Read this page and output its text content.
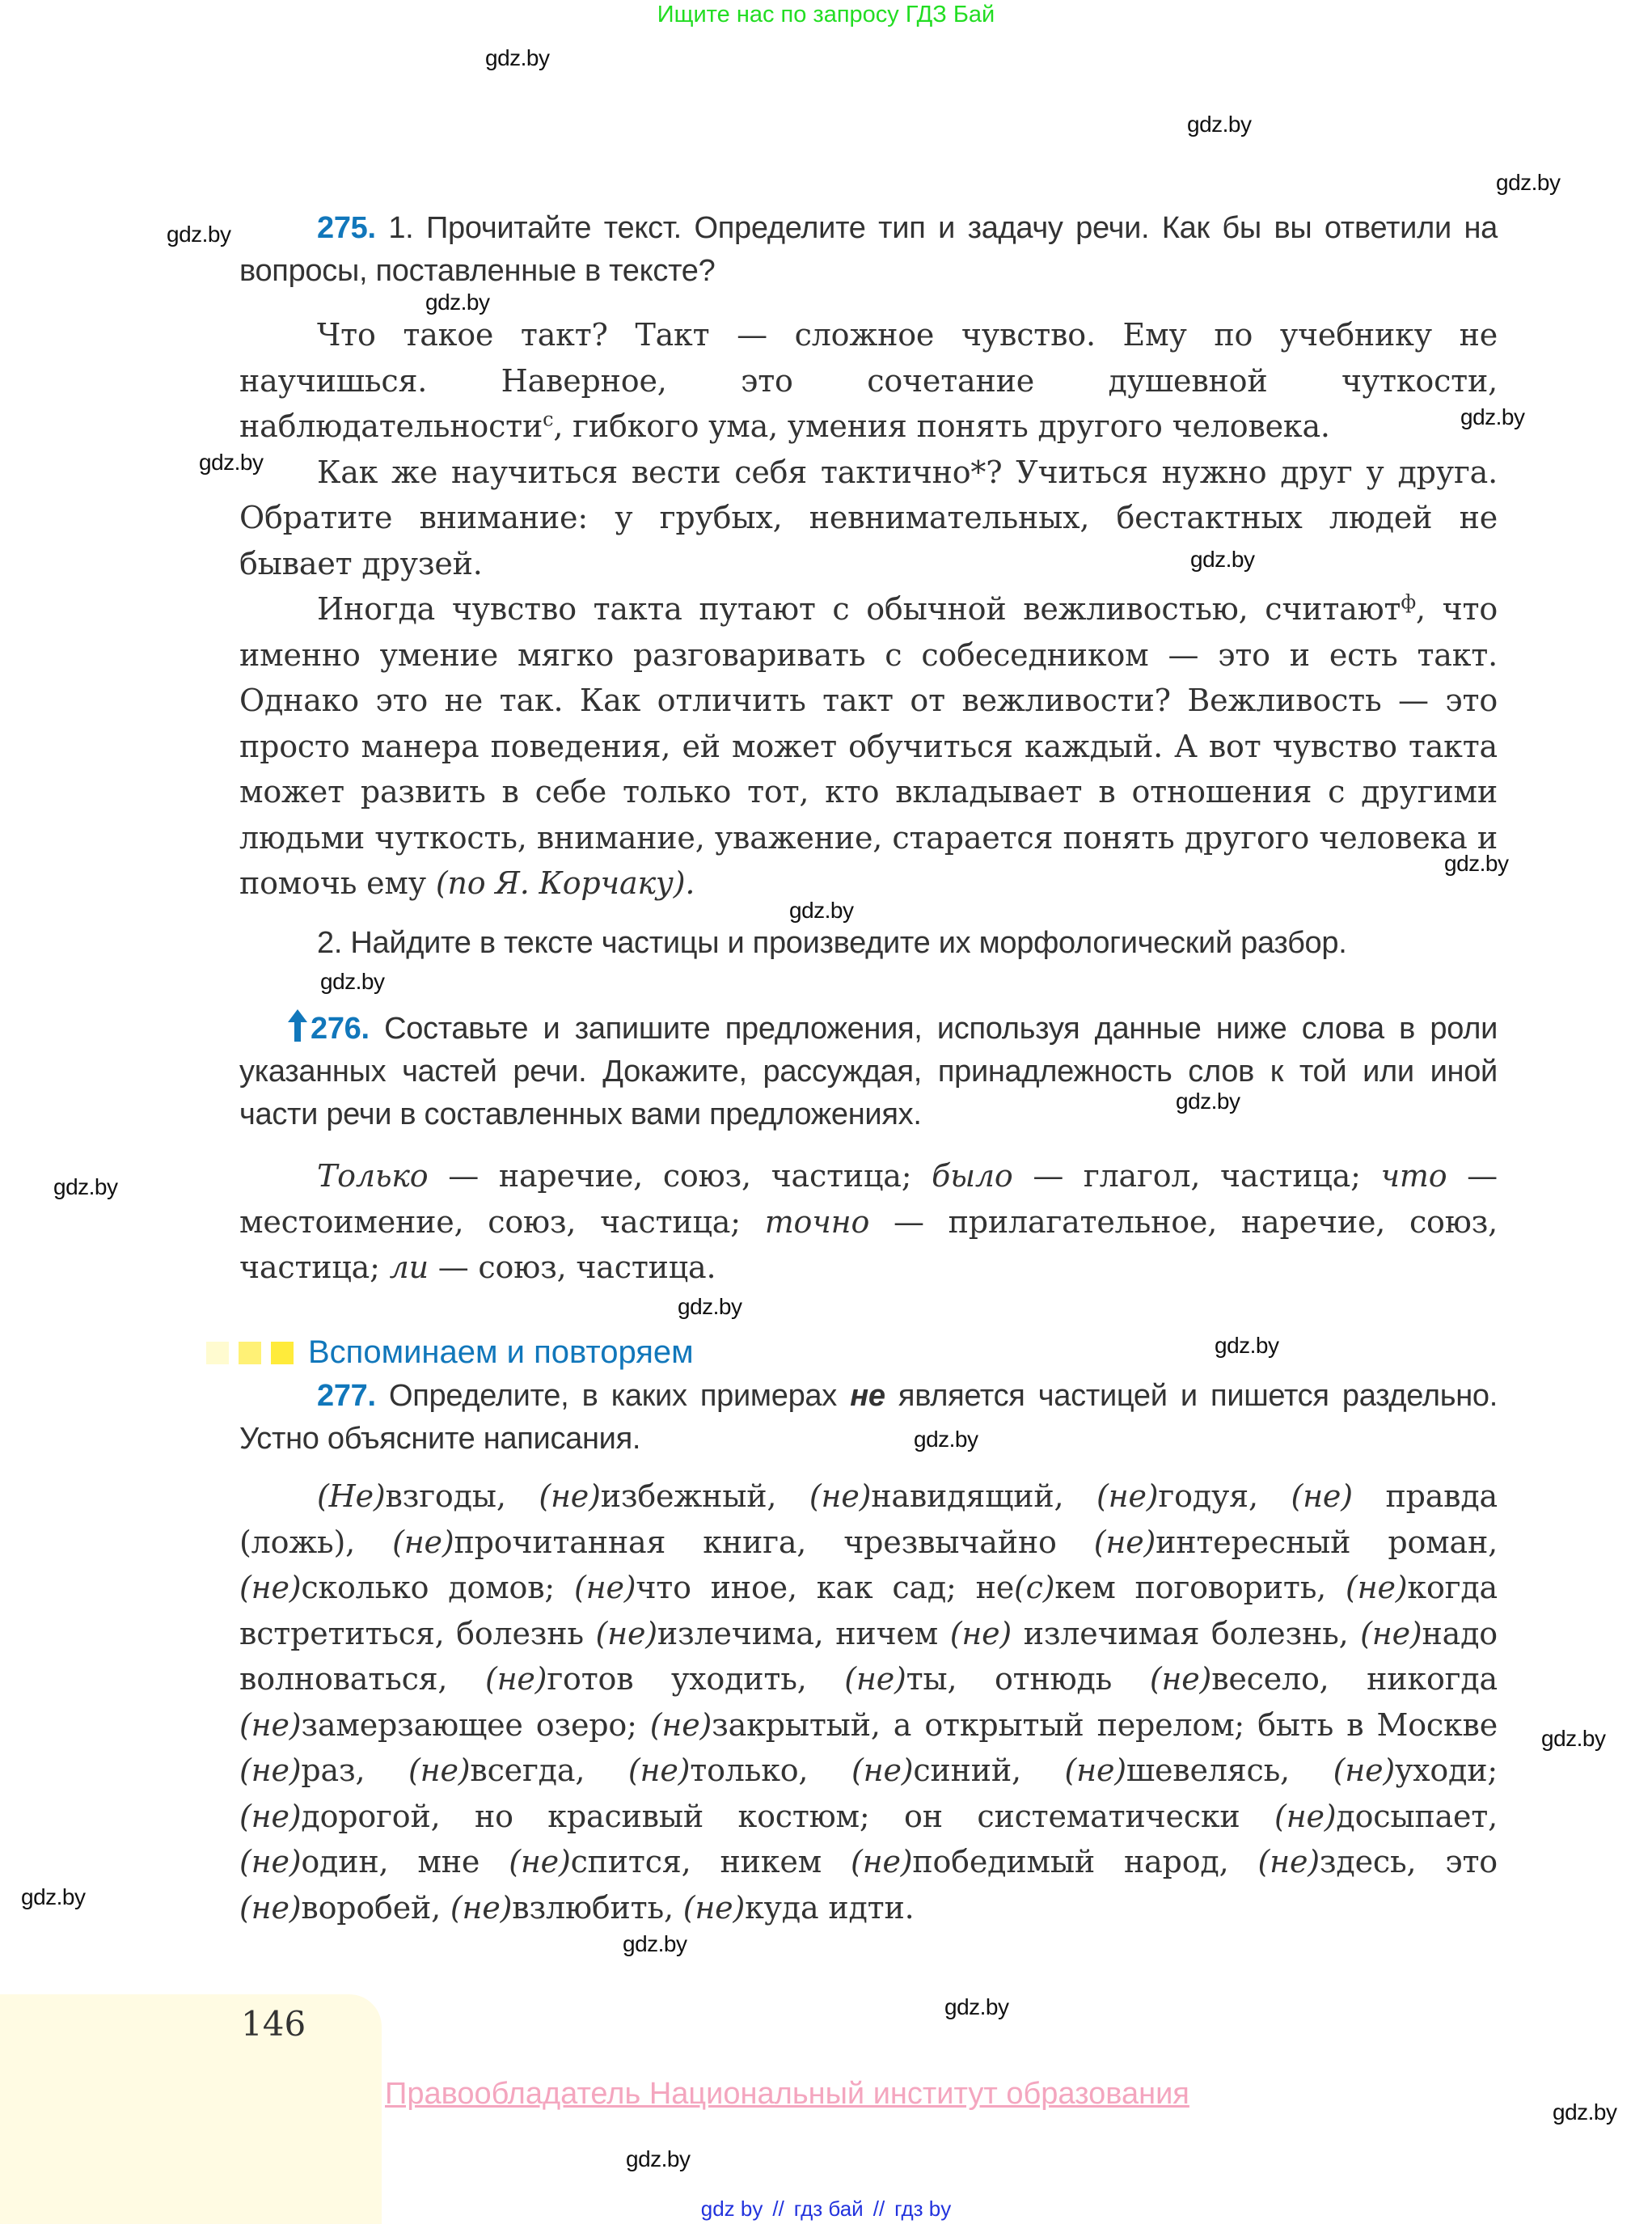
Ищите нас по запросу ГДЗ Бай
gdz.by
gdz.by
gdz.by
gdz.by
gdz.by
gdz.by
gdz.by
gdz.by
gdz.by
gdz.by
gdz.by
gdz.by
gdz.by
gdz.by
gdz.by
gdz.by
gdz.by
gdz.by
gdz.by
gdz.by
gdz.by
gdz.by
275. 1. Прочитайте текст. Определите тип и задачу речи. Как бы вы ответили на вопросы, поставленные в тексте?

Что такое такт? Такт — сложное чувство. Ему по учебнику не научишься. Наверное, это сочетание душевной чуткости, наблюдательности$^с$, гибкого ума, умения понять другого человека.

Как же научиться вести себя тактично*? Учиться нужно друг у друга. Обратите внимание: у грубых, невнимательных, бестактных людей не бывает друзей.

Иногда чувство такта путают с обычной вежливостью, считают$^ф$, что именно умение мягко разговаривать с собеседником — это и есть такт. Однако это не так. Как отличить такт от вежливости? Вежливость — это просто манера поведения, ей может обучиться каждый. А вот чувство такта может развить в себе только тот, кто вкладывает в отношения с другими людьми чуткость, внимание, уважение, старается понять другого человека и помочь ему (по Я. Корчаку).

2. Найдите в тексте частицы и произведите их морфологический разбор.
276. Составьте и запишите предложения, используя данные ниже слова в роли указанных частей речи. Докажите, рассуждая, принадлежность слов к той или иной части речи в составленных вами предложениях.

Только — наречие, союз, частица; было — глагол, частица; что — местоимение, союз, частица; точно — прилагательное, наречие, союз, частица; ли — союз, частица.

Вспоминаем и повторяем
277. Определите, в каких примерах не является частицей и пишется раздельно. Устно объясните написания.

(Не)взгоды, (не)избежный, (не)навидящий, (не)годуя, (не) правда (ложь), (не)прочитанная книга, чрезвычайно (не)интересный роман, (не)сколько домов; (не)что иное, как сад; не(с)кем поговорить, (не)когда встретиться, болезнь (не)излечима, ничем (не) излечимая болезнь, (не)надо волноваться, (не)готов уходить, (не)ты, отнюдь (не)весело, никогда (не)замерзающее озеро; (не)закрытый, а открытый перелом; быть в Москве (не)раз, (не)всегда, (не)только, (не)синий, (не)шевелясь, (не)уходи; (не)дорогой, но красивый костюм; он систематически (не)досыпает, (не)один, мне (не)спится, никем (не)победимый народ, (не)здесь, это (не)воробей, (не)взлюбить, (не)куда идти.

146
Правообладатель Национальный институт образования
gdz by // гдз бай // гдз by
